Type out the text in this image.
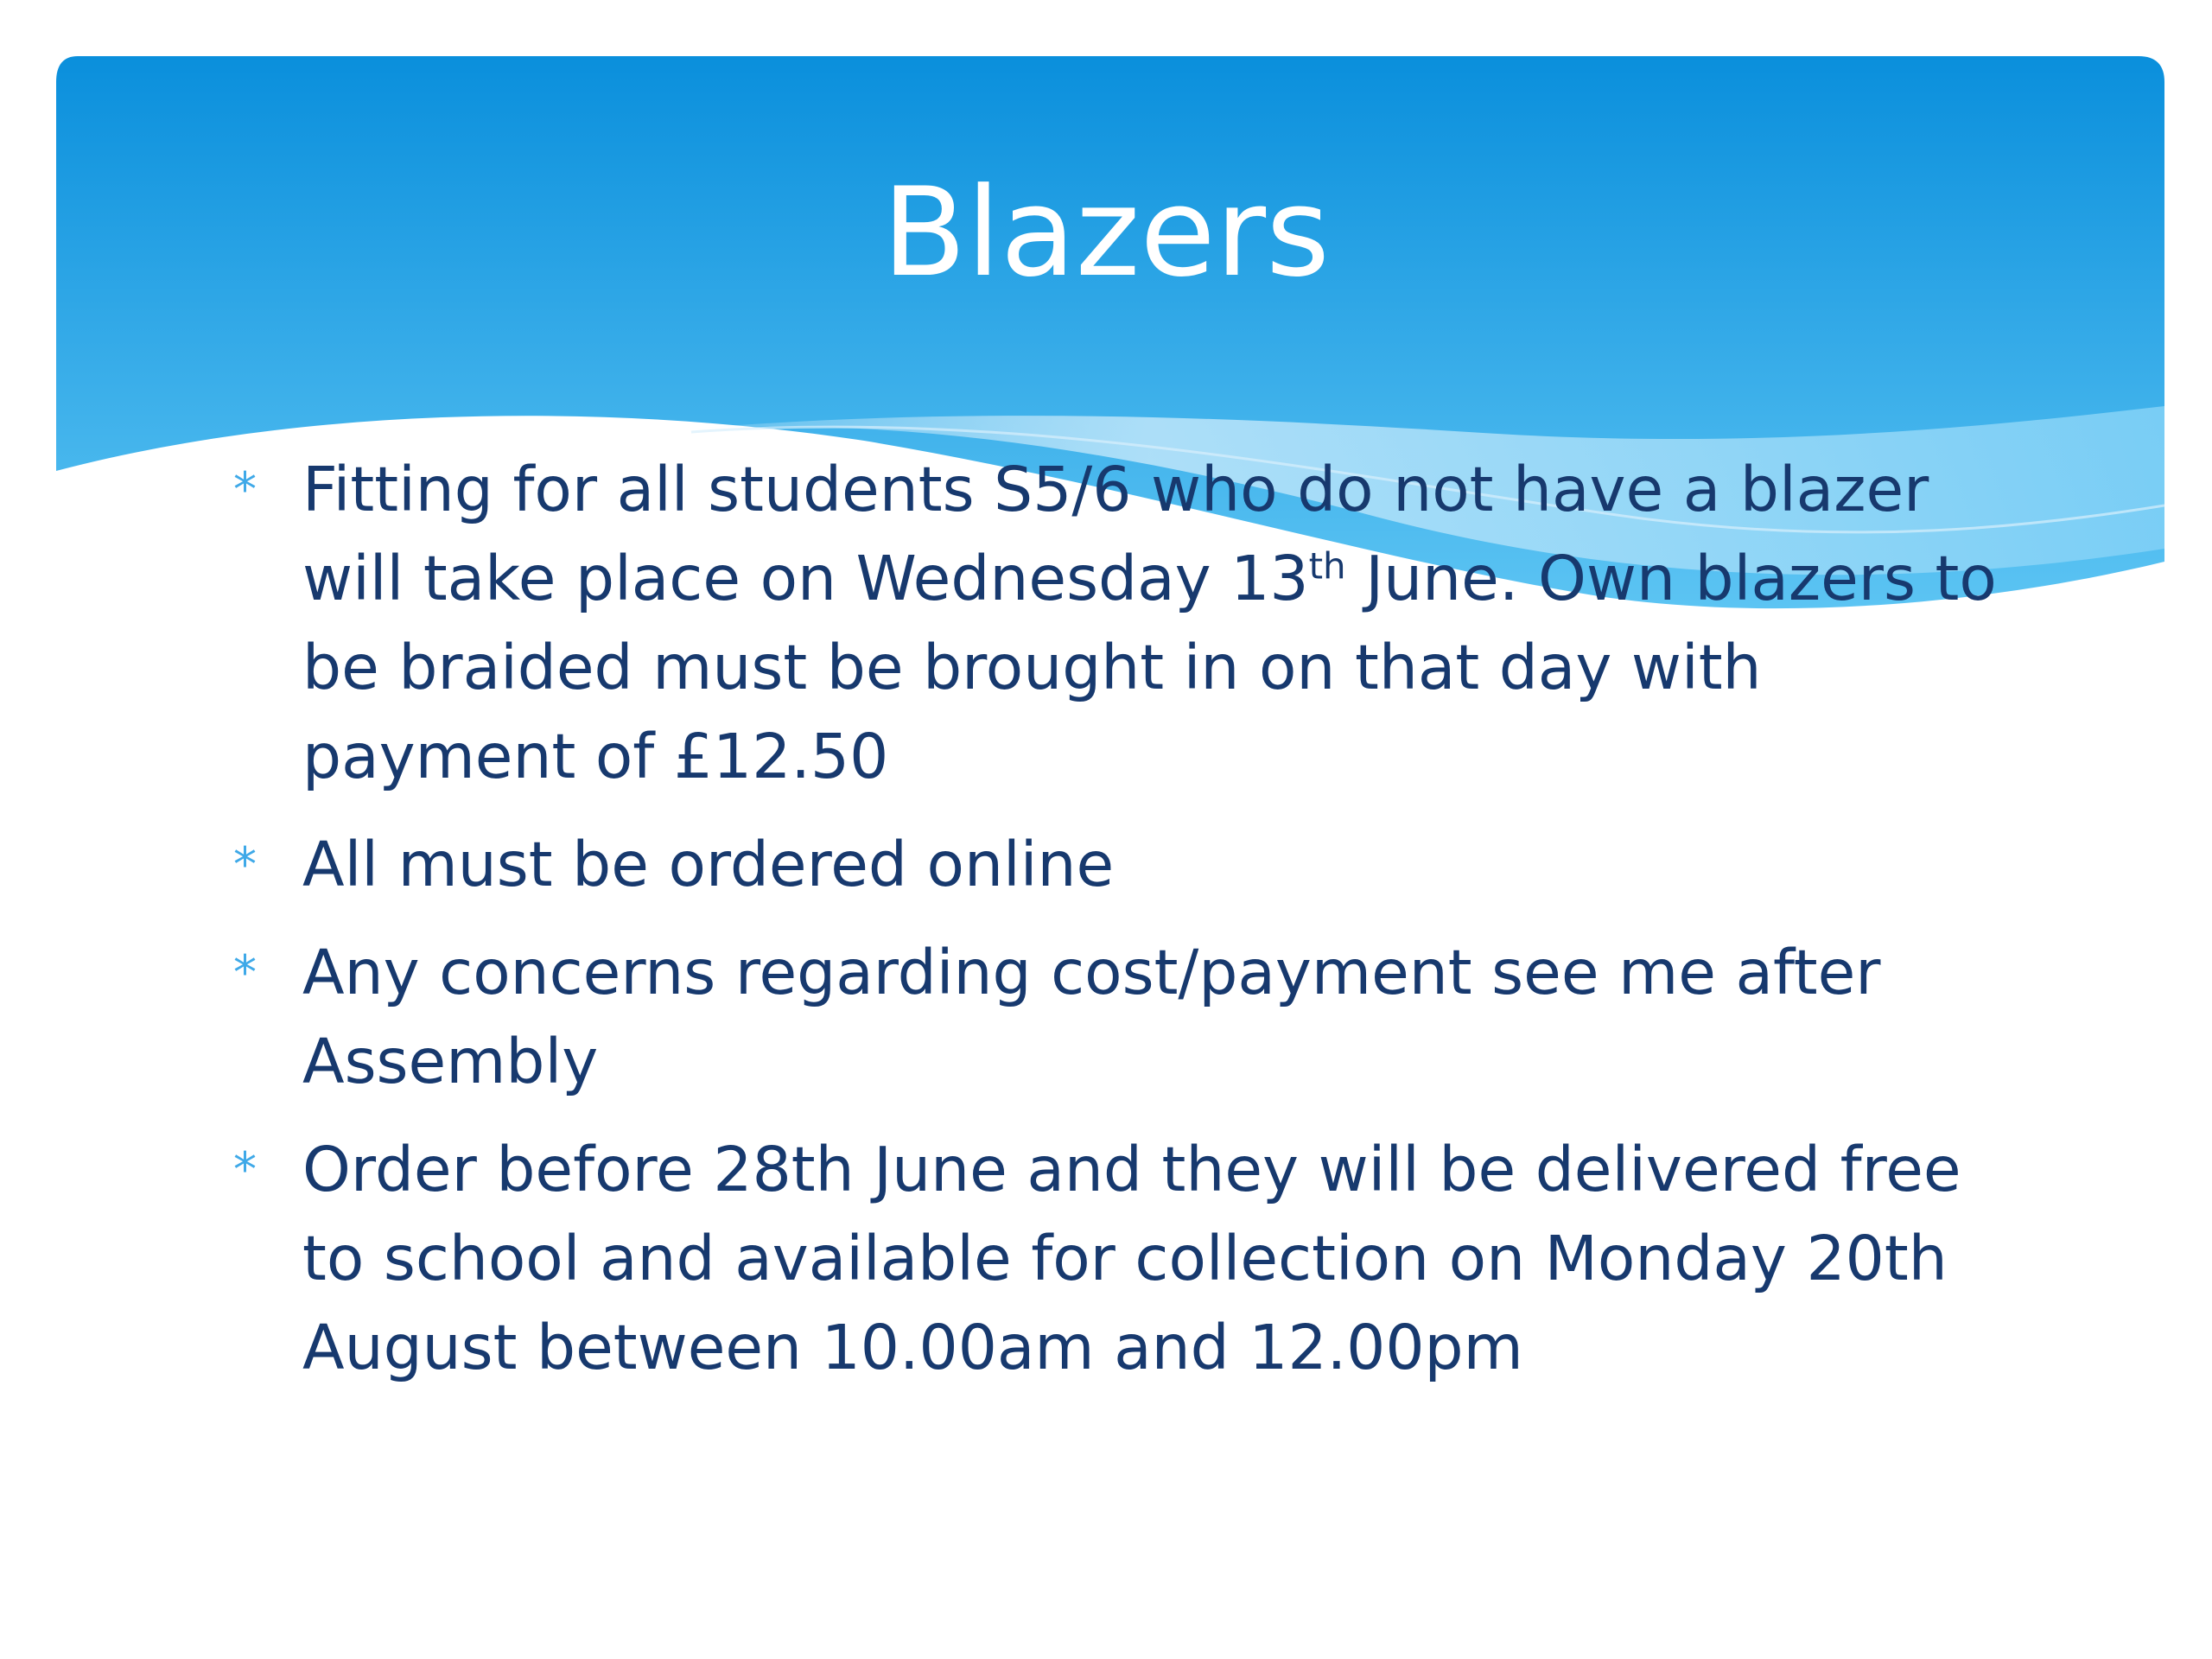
Blazers
* Fitting for all students S5/6 who do not have a blazer will take place on Wednesday 13th June. Own blazers to be braided must be brought in on that day with payment of £12.50
* All must be ordered online
* Any concerns regarding cost/payment see me after Assembly
* Order before 28th June and they will be delivered free to school and available for collection on Monday 20th August between 10.00am and 12.00pm
